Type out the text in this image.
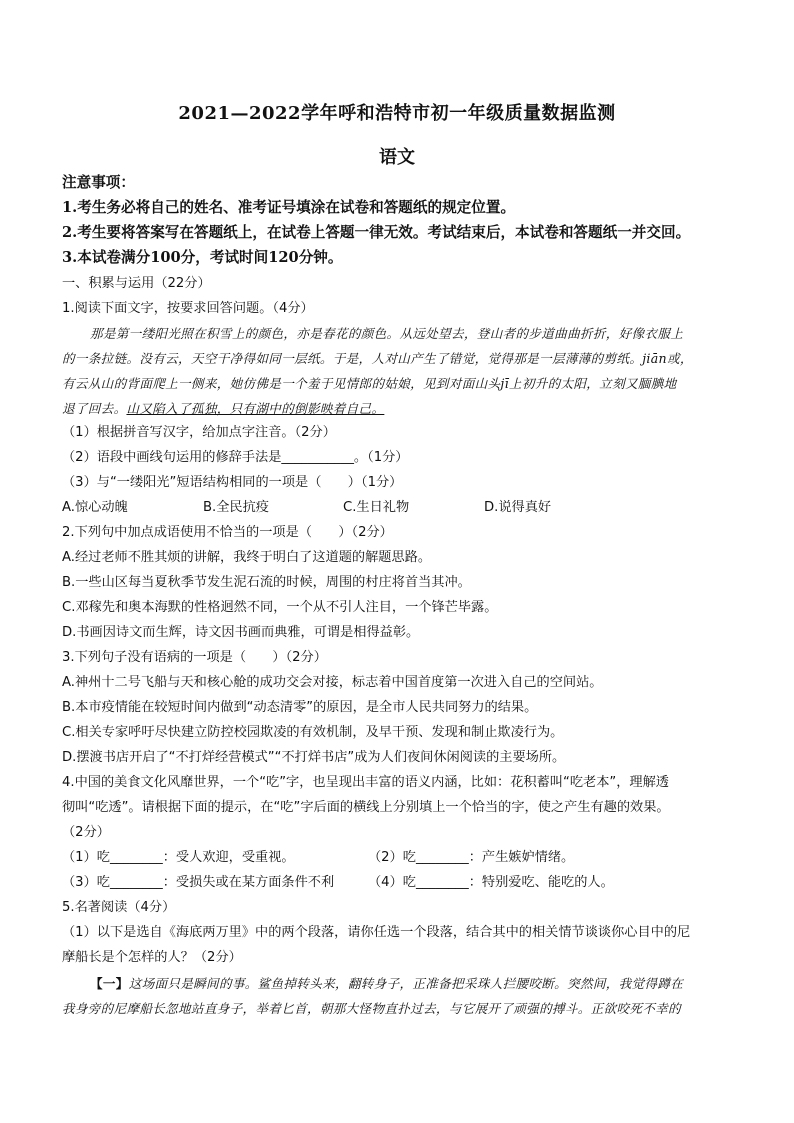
2021—2022学年呼和浩特市初一年级质量数据监测
语文
注意事项：
1.考生务必将自己的姓名、准考证号填涂在试卷和答题纸的规定位置。
2.考生要将答案写在答题纸上，在试卷上答题一律无效。考试结束后，本试卷和答题纸一并交回。
3.本试卷满分100分，考试时间120分钟。
一、积累与运用（22分）
1.阅读下面文字，按要求回答问题。（4分）
那是第一缕阳光照在积雪上的颜色，亦是春花的颜色。从远处望去，登山者的步道曲曲折折，好像衣服上
的一条拉链。没有云，天空干净得如同一层纸。于是，人对山产生了错觉，觉得那是一层薄薄的剪纸。jiān或，
有云从山的背面爬上一侧来，她仿佛是一个羞于见情郎的姑娘，见到对面山头jī上初升的太阳，立刻又腼腆地
退了回去。山又陷入了孤独，只有湖中的倒影映着自己。
（1）根据拼音写汉字，给加点字注音。（2分）
（2）语段中画线句运用的修辞手法是___________。（1分）
（3）与“一缕阳光”短语结构相同的一项是（　　）（1分）
A.惊心动魄	B.全民抗疫	C.生日礼物	D.说得真好
2.下列句中加点成语使用不恰当的一项是（　　）（2分）
A.经过老师不胜其烦的讲解，我终于明白了这道题的解题思路。
B.一些山区每当夏秋季节发生泥石流的时候，周围的村庄将首当其冲。
C.邓稼先和奥本海默的性格迥然不同，一个从不引人注目，一个锋芒毕露。
D.书画因诗文而生辉，诗文因书画而典雅，可谓是相得益彰。
3.下列句子没有语病的一项是（　　）（2分）
A.神州十二号飞船与天和核心舱的成功交会对接，标志着中国首度第一次进入自己的空间站。
B.本市疫情能在较短时间内做到“动态清零”的原因，是全市人民共同努力的结果。
C.相关专家呼吁尽快建立防控校园欺凌的有效机制，及早干预、发现和制止欺凌行为。
D.摆渡书店开启了“不打烊经营模式”“不打烊书店”成为人们夜间休闲阅读的主要场所。
4.中国的美食文化风靡世界，一个“吃”字，也呈现出丰富的语义内涵，比如：花积蓄叫“吃老本”，理解透
彻叫“吃透”。请根据下面的提示，在“吃”字后面的横线上分别填上一个恰当的字，使之产生有趣的效果。
（2分）
（1）吃________：受人欢迎，受重视。	（2）吃________：产生嫉妒情绪。
（3）吃________：受损失或在某方面条件不利	（4）吃________：特别爱吃、能吃的人。
5.名著阅读（4分）
（1）以下是选自《海底两万里》中的两个段落，请你任选一个段落，结合其中的相关情节谈谈你心目中的尼
摩船长是个怎样的人？（2分）
【一】这场面只是瞬间的事。鲨鱼掉转头来，翻转身子，正准备把采珠人拦腰咬断。突然间，我觉得蹲在
我身旁的尼摩船长忽地站直身子，举着匕首，朝那大怪物直扑过去，与它展开了顽强的搏斗。正欲咬死不幸的
